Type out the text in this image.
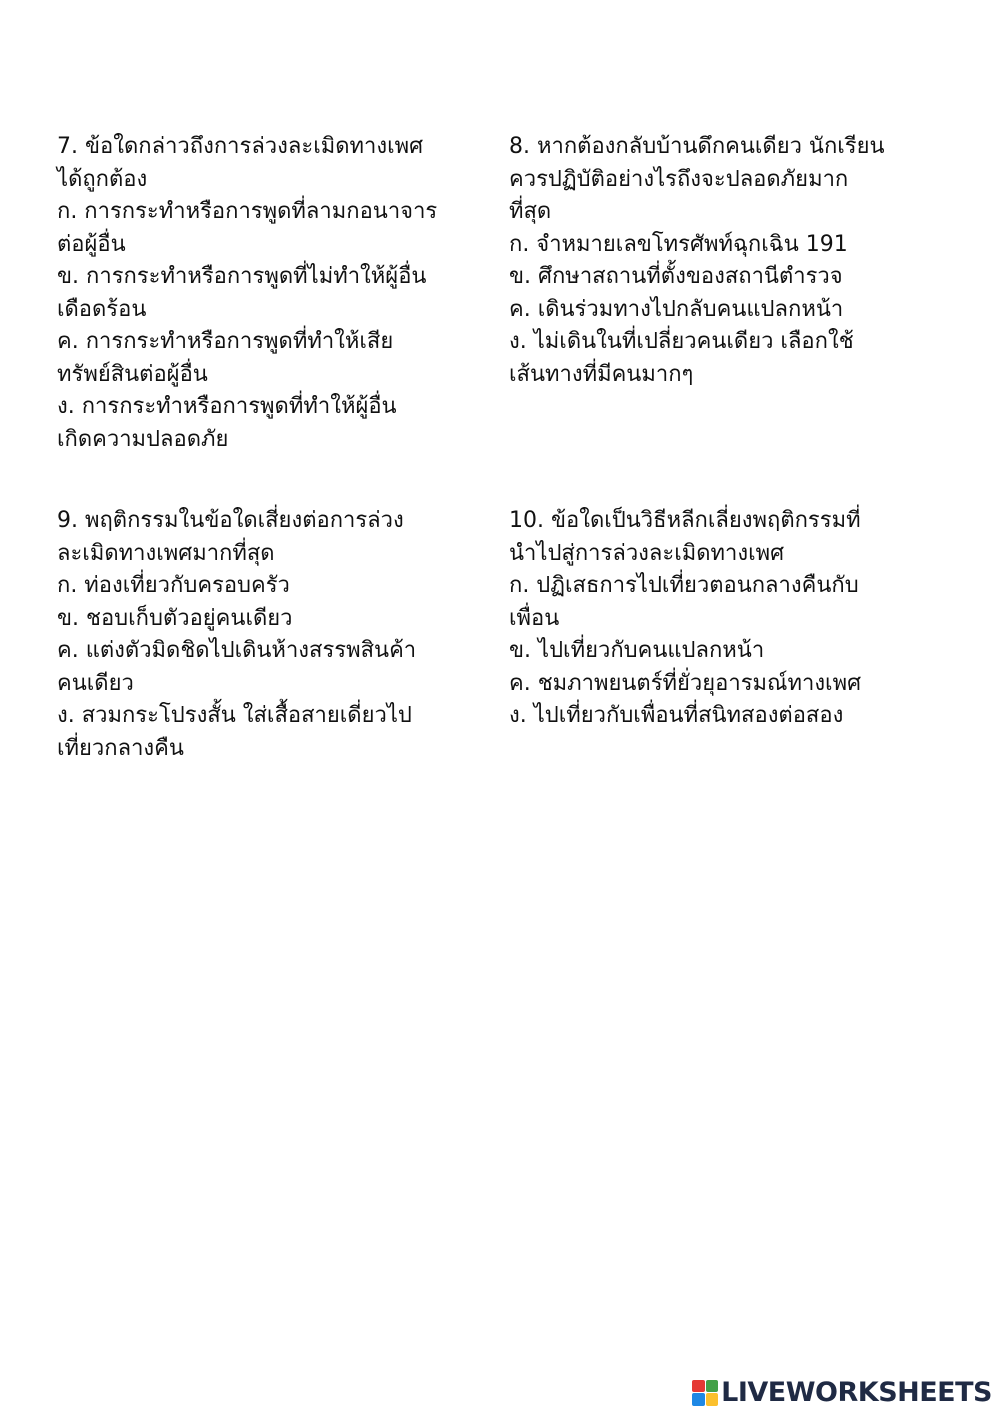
7. ข้อใดกล่าวถึงการล่วงละเมิดทางเพศ
ได้ถูกต้อง
ก. การกระทำหรือการพูดที่ลามกอนาจาร
ต่อผู้อื่น
ข. การกระทำหรือการพูดที่ไม่ทำให้ผู้อื่น
เดือดร้อน
ค. การกระทำหรือการพูดที่ทำให้เสีย
ทรัพย์สินต่อผู้อื่น
ง. การกระทำหรือการพูดที่ทำให้ผู้อื่น
เกิดความปลอดภัย
8. หากต้องกลับบ้านดึกคนเดียว นักเรียน
ควรปฏิบัติอย่างไรถึงจะปลอดภัยมาก
ที่สุด
ก. จำหมายเลขโทรศัพท์ฉุกเฉิน 191
ข. ศึกษาสถานที่ตั้งของสถานีตำรวจ
ค. เดินร่วมทางไปกลับคนแปลกหน้า
ง. ไม่เดินในที่เปลี่ยวคนเดียว เลือกใช้
เส้นทางที่มีคนมากๆ
9. พฤติกรรมในข้อใดเสี่ยงต่อการล่วง
ละเมิดทางเพศมากที่สุด
ก. ท่องเที่ยวกับครอบครัว
ข. ชอบเก็บตัวอยู่คนเดียว
ค. แต่งตัวมิดชิดไปเดินห้างสรรพสินค้า
คนเดียว
ง. สวมกระโปรงสั้น ใส่เสื้อสายเดี่ยวไป
เที่ยวกลางคืน
10. ข้อใดเป็นวิธีหลีกเลี่ยงพฤติกรรมที่
นำไปสู่การล่วงละเมิดทางเพศ
ก. ปฏิเสธการไปเที่ยวตอนกลางคืนกับ
เพื่อน
ข. ไปเที่ยวกับคนแปลกหน้า
ค. ชมภาพยนตร์ที่ยั่วยุอารมณ์ทางเพศ
ง. ไปเที่ยวกับเพื่อนที่สนิทสองต่อสอง
LIVEWORKSHEETS
